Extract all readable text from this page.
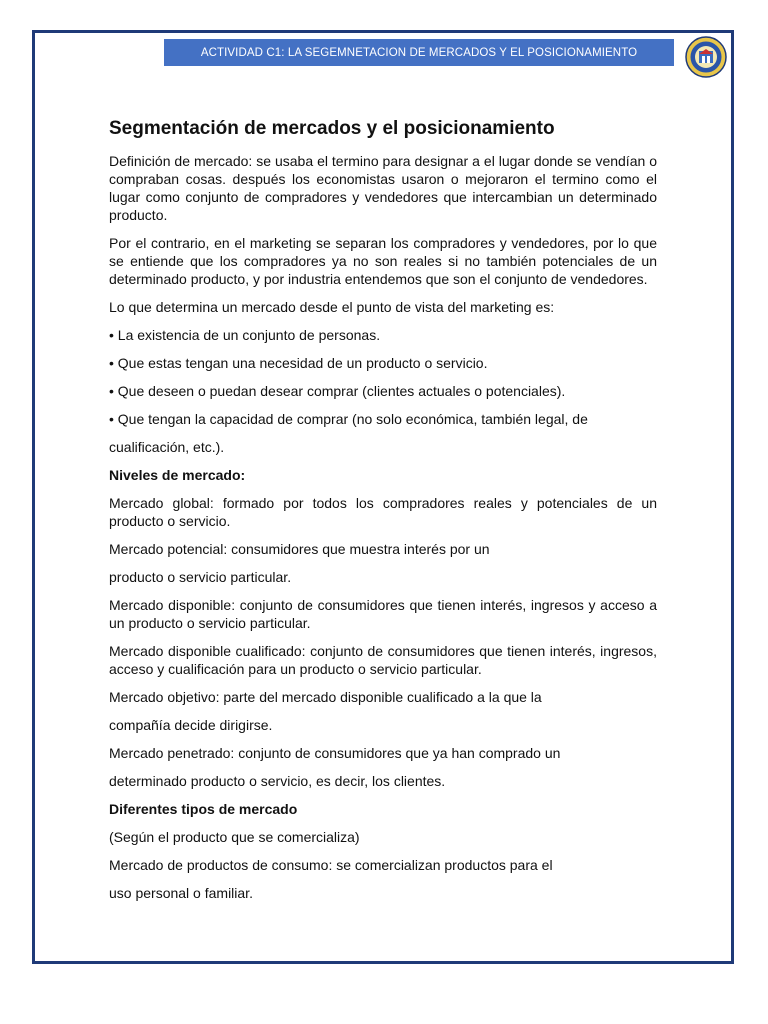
ACTIVIDAD C1: LA SEGEMNETACION DE MERCADOS Y EL POSICIONAMIENTO
Segmentación de mercados y el posicionamiento

Definición de mercado: se usaba el termino para designar a el lugar donde se vendían o compraban cosas. después los economistas usaron o mejoraron el termino como el lugar como conjunto de compradores y vendedores que intercambian un determinado producto.

Por el contrario, en el marketing se separan los compradores y vendedores, por lo que se entiende que los compradores ya no son reales si no también potenciales de un determinado producto, y por industria entendemos que son el conjunto de vendedores.

Lo que determina un mercado desde el punto de vista del marketing es:

• La existencia de un conjunto de personas.

• Que estas tengan una necesidad de un producto o servicio.

• Que deseen o puedan desear comprar (clientes actuales o potenciales).

• Que tengan la capacidad de comprar (no solo económica, también legal, de

cualificación, etc.).

Niveles de mercado:

Mercado global: formado por todos los compradores reales y potenciales de un producto o servicio.

Mercado potencial: consumidores que muestra interés por un

producto o servicio particular.

Mercado disponible: conjunto de consumidores que tienen interés, ingresos y acceso a un producto o servicio particular.

Mercado disponible cualificado: conjunto de consumidores que tienen interés, ingresos, acceso y cualificación para un producto o servicio particular.

Mercado objetivo: parte del mercado disponible cualificado a la que la

compañía decide dirigirse.

Mercado penetrado: conjunto de consumidores que ya han comprado un

determinado producto o servicio, es decir, los clientes.

Diferentes tipos de mercado

(Según el producto que se comercializa)

Mercado de productos de consumo: se comercializan productos para el

uso personal o familiar.
